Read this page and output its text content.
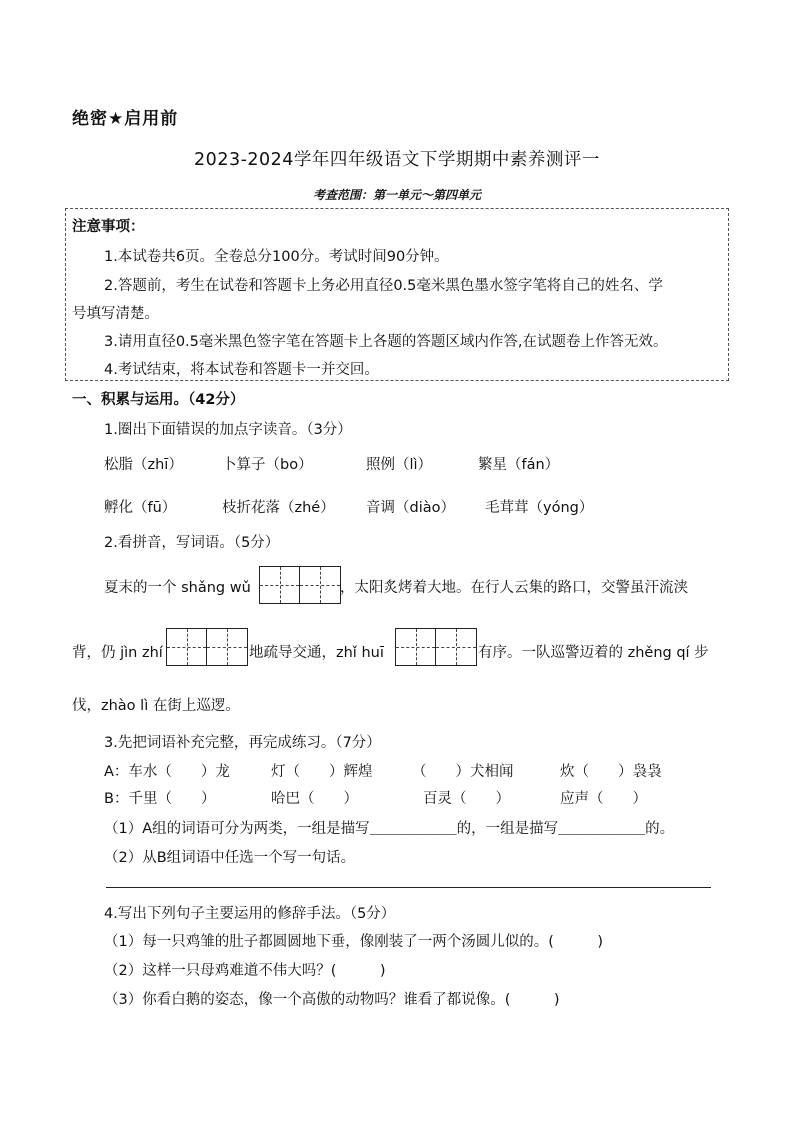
绝密★启用前
2023-2024学年四年级语文下学期期中素养测评一
考查范围：第一单元～第四单元
注意事项：
1.本试卷共6页。全卷总分100分。考试时间90分钟。
2.答题前，考生在试卷和答题卡上务必用直径0.5毫米黑色墨水签字笔将自己的姓名、学
号填写清楚。
3.请用直径0.5毫米黑色签字笔在答题卡上各题的答题区域内作答,在试题卷上作答无效。
4.考试结束，将本试卷和答题卡一并交回。
一、积累与运用。（42分）
1.圈出下面错误的加点字读音。（3分）
松脂（zhī）	卜算子（bo）	照例（lì）	繁星（fán）
孵化（fū）	枝折花落（zhé） 音调（diào） 毛茸茸（yóng）
2.看拼音，写词语。（5分）
夏末的一个 shǎng wǔ	，太阳炙烤着大地。在行人云集的路口，交警虽汗流浃
背，仍 jìn zhí	地疏导交通，zhǐ huī	有序。一队巡警迈着的 zhěng qí 步
伐，zhào lì 在街上巡逻。
3.先把词语补充完整，再完成练习。（7分）
A：车水（　　）龙	灯（　　）辉煌	（　　）犬相闻	炊（　　）袅袅
B：千里（　　）	哈巴（　　）	百灵（　　）	应声（　　）
（1）A组的词语可分为两类，一组是描写＿＿＿＿＿＿的，一组是描写＿＿＿＿＿＿的。
（2）从B组词语中任选一个写一句话。
4.写出下列句子主要运用的修辞手法。（5分）
（1）每一只鸡雏的肚子都圆圆地下垂，像刚装了一两个汤圆儿似的。(　　　)
（2）这样一只母鸡难道不伟大吗？(　　　)
（3）你看白鹅的姿态，像一个高傲的动物吗？谁看了都说像。(　　　)
